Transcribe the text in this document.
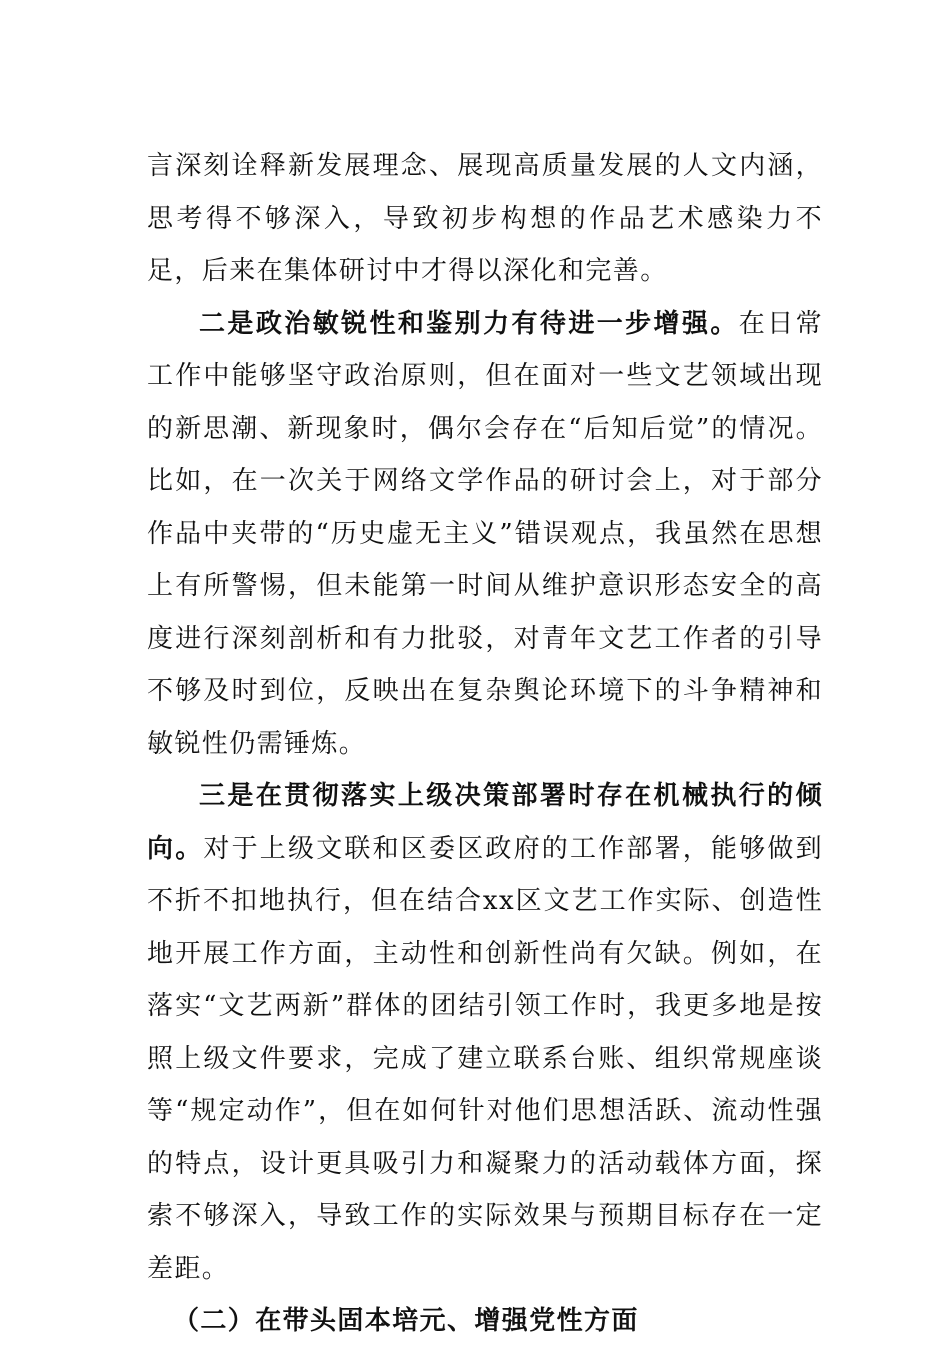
言深刻诠释新发展理念、展现高质量发展的人文内涵，思考得不够深入，导致初步构想的作品艺术感染力不足，后来在集体研讨中才得以深化和完善。

二是政治敏锐性和鉴别力有待进一步增强。在日常工作中能够坚守政治原则，但在面对一些文艺领域出现的新思潮、新现象时，偶尔会存在“后知后觉”的情况。比如，在一次关于网络文学作品的研讨会上，对于部分作品中夹带的“历史虚无主义”错误观点，我虽然在思想上有所警惕，但未能第一时间从维护意识形态安全的高度进行深刻剖析和有力批驳，对青年文艺工作者的引导不够及时到位，反映出在复杂舆论环境下的斗争精神和敏锐性仍需锤炼。

三是在贯彻落实上级决策部署时存在机械执行的倾向。对于上级文联和区委区政府的工作部署，能够做到不折不扣地执行，但在结合xx区文艺工作实际、创造性地开展工作方面，主动性和创新性尚有欠缺。例如，在落实“文艺两新”群体的团结引领工作时，我更多地是按照上级文件要求，完成了建立联系台账、组织常规座谈等“规定动作”，但在如何针对他们思想活跃、流动性强的特点，设计更具吸引力和凝聚力的活动载体方面，探索不够深入，导致工作的实际效果与预期目标存在一定差距。

（二）在带头固本培元、增强党性方面
